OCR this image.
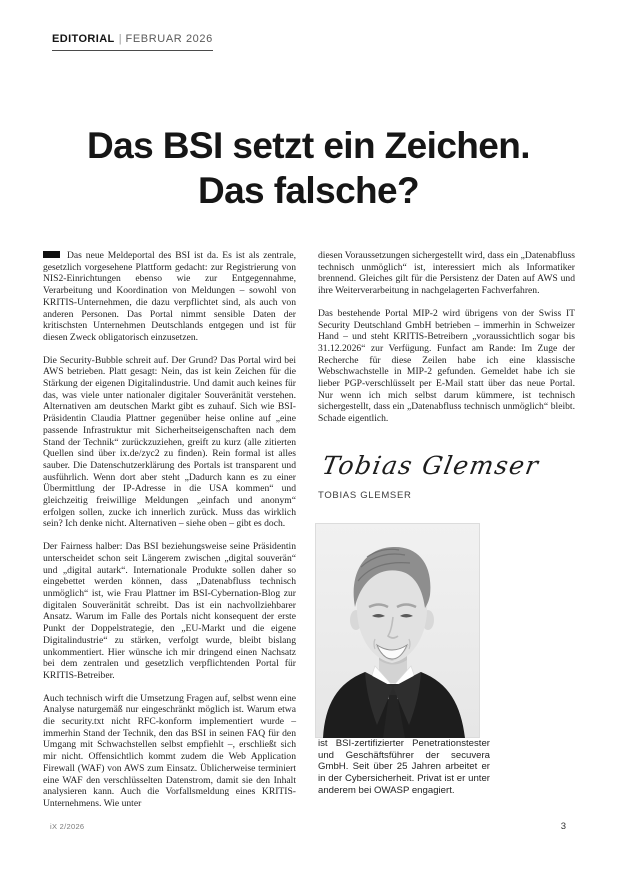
EDITORIAL | FEBRUAR 2026
Das BSI setzt ein Zeichen.
Das falsche?

Das neue Meldeportal des BSI ist da. Es ist als zentrale, gesetzlich vorgesehene Plattform gedacht: zur Registrierung von NIS2-Einrichtungen ebenso wie zur Entgegennahme, Verarbeitung und Koordination von Meldungen – sowohl von KRITIS-Unternehmen, die dazu verpflichtet sind, als auch von anderen Personen. Das Portal nimmt sensible Daten der kritischsten Unternehmen Deutschlands entgegen und ist für diesen Zweck obligatorisch einzusetzen.

Die Security-Bubble schreit auf. Der Grund? Das Portal wird bei AWS betrieben. Platt gesagt: Nein, das ist kein Zeichen für die Stärkung der eigenen Digitalindustrie. Und damit auch keines für das, was viele unter nationaler digitaler Souveränität verstehen. Alternativen am deutschen Markt gibt es zuhauf. Sich wie BSI-Präsidentin Claudia Plattner gegenüber heise online auf „eine passende Infrastruktur mit Sicherheitseigenschaften nach dem Stand der Technik“ zurückzuziehen, greift zu kurz (alle zitierten Quellen sind über ix.de/zyc2 zu finden). Rein formal ist alles sauber. Die Datenschutzerklärung des Portals ist transparent und ausführlich. Wenn dort aber steht „Dadurch kann es zu einer Übermittlung der IP-Adresse in die USA kommen“ und gleichzeitig freiwillige Meldungen „einfach und anonym“ erfolgen sollen, zucke ich innerlich zurück. Muss das wirklich sein? Ich denke nicht. Alternativen – siehe oben – gibt es doch.

Der Fairness halber: Das BSI beziehungsweise seine Präsidentin unterscheidet schon seit Längerem zwischen „digital souverän“ und „digital autark“. Internationale Produkte sollen daher so eingebettet werden können, dass „Datenabfluss technisch unmöglich“ ist, wie Frau Plattner im BSI-Cybernation-Blog zur digitalen Souveränität schreibt. Das ist ein nachvollziehbarer Ansatz. Warum im Falle des Portals nicht konsequent der erste Punkt der Doppelstrategie, den „EU-Markt und die eigene Digitalindustrie“ zu stärken, verfolgt wurde, bleibt bislang unkommentiert. Hier wünsche ich mir dringend einen Nachsatz bei dem zentralen und gesetzlich verpflichtenden Portal für KRITIS-Betreiber.

Auch technisch wirft die Umsetzung Fragen auf, selbst wenn eine Analyse naturgemäß nur eingeschränkt möglich ist. Warum etwa die security.txt nicht RFC-konform implementiert wurde – immerhin Stand der Technik, den das BSI in seinen FAQ für den Umgang mit Schwachstellen selbst empfiehlt –, erschließt sich mir nicht. Offensichtlich kommt zudem die Web Application Firewall (WAF) von AWS zum Einsatz. Üblicherweise terminiert eine WAF den verschlüsselten Datenstrom, damit sie den Inhalt analysieren kann. Auch die Vorfallsmeldung eines KRITIS-Unternehmens. Wie unter

diesen Voraussetzungen sichergestellt wird, dass ein „Datenabfluss technisch unmöglich“ ist, interessiert mich als Informatiker brennend. Gleiches gilt für die Persistenz der Daten auf AWS und ihre Weiterverarbeitung in nachgelagerten Fachverfahren.

Das bestehende Portal MIP-2 wird übrigens von der Swiss IT Security Deutschland GmbH betrieben – immerhin in Schweizer Hand – und steht KRITIS-Betreibern „voraussichtlich sogar bis 31.12.2026“ zur Verfügung. Funfact am Rande: Im Zuge der Recherche für diese Zeilen habe ich eine klassische Webschwachstelle in MIP-2 gefunden. Gemeldet habe ich sie lieber PGP-verschlüsselt per E-Mail statt über das neue Portal. Nur wenn ich mich selbst darum kümmere, ist technisch sichergestellt, dass ein „Datenabfluss technisch unmöglich“ bleibt. Schade eigentlich.

Tobias Glemser
TOBIAS GLEMSER

ist BSI-zertifizierter Penetrationstester und Geschäftsführer der secuvera GmbH. Seit über 25 Jahren arbeitet er in der Cybersicherheit. Privat ist er unter anderem bei OWASP engagiert.

iX 2/2026	3
